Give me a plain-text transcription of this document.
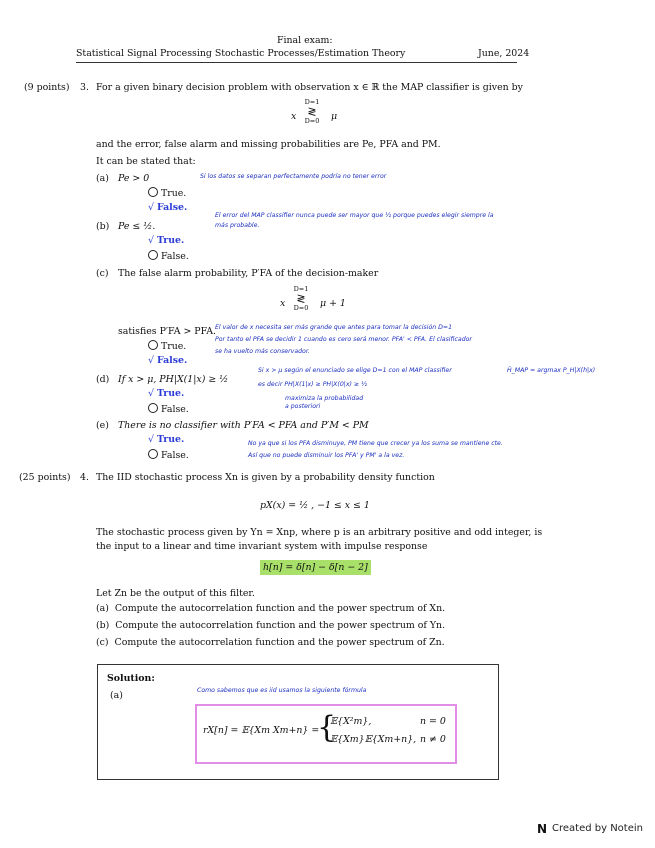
Final exam:
Statistical Signal Processing Stochastic Processes/Estimation Theory	June, 2024
(9 points) 3. For a given binary decision problem with observation x ∈ ℝ the MAP classifier is given by
x
D=1
≷
D=0	μ
and the error, false alarm and missing probabilities are Pe, PFA and PM.
It can be stated that:
(a) Pe > 0	Si los datos se separan perfectamente podría no tener error
True.
√ False.
(b) Pe ≤ ½.
El error del MAP classifier nunca puede ser mayor que ½ porque puedes elegir siempre la
más probable.
√ True.
False.
(c) The false alarm probability, P′FA of the decision-maker
x
D=1
≷
D=0	μ + 1
satisfies P′FA > PFA.
El valor de x necesita ser más grande que antes para tomar la decisión D=1
Por tanto el PFA se decidir 1 cuando es cero será menor. PFA' < PFA. El clasificador
se ha vuelto más conservador.
True.
√ False.
(d) If x > μ, PH|X(1|x) ≥ ½
Si x > μ según el enunciado se elige D=1 con el MAP classifier
es decir PH|X(1|x) ≥ PH|X(0|x) ≥ ½
maximiza la probabilidad
a posteriori
Ĥ_MAP = argmax P_H|X(h|x)
√ True.
False.
(e) There is no classifier with P′FA < PFA and P′M < PM
√ True.
False.
No ya que si los PFA disminuye, PM tiene que crecer ya los suma se mantiene cte.
Así que no puede disminuir los PFA' y PM' a la vez.
(25 points) 4. The IID stochastic process Xn is given by a probability density function
pX(x) = ½ , −1 ≤ x ≤ 1
The stochastic process given by Yn = Xnp, where p is an arbitrary positive and odd integer, is
the input to a linear and time invariant system with impulse response
h[n] = δ[n] − δ[n − 2]
Let Zn be the output of this filter.
(a) Compute the autocorrelation function and the power spectrum of Xn.
(b) Compute the autocorrelation function and the power spectrum of Yn.
(c) Compute the autocorrelation function and the power spectrum of Zn.
Solution:
(a)	Como sabemos que es iid usamos la siguiente fórmula
rX[n] = 𝔼{Xm Xm+n} =
{
𝔼{X²m},	n = 0
𝔼{Xm}𝔼{Xm+n}, n ≠ 0
N Created by Notein
